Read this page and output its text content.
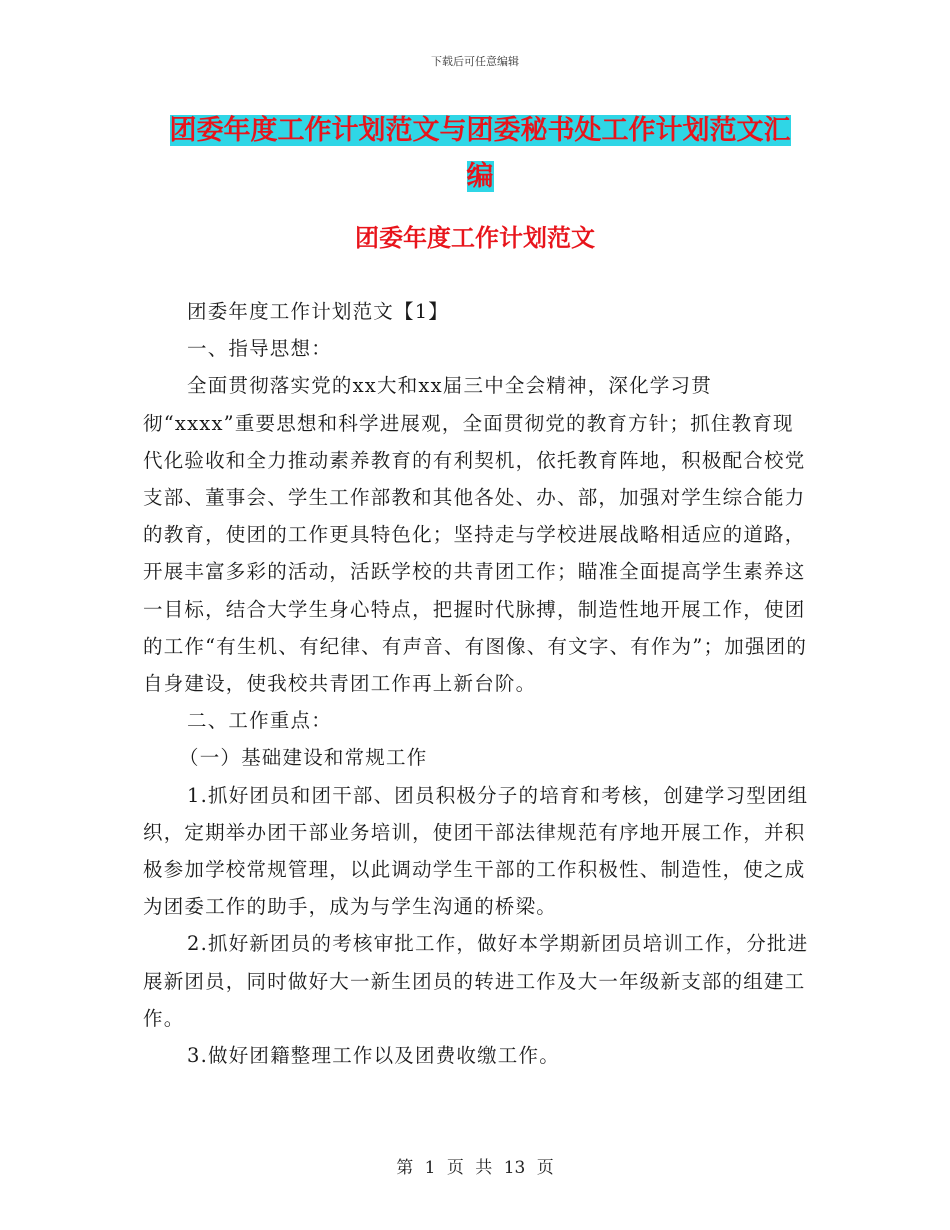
下载后可任意编辑
团委年度工作计划范文与团委秘书处工作计划范文汇
编
团委年度工作计划范文

团委年度工作计划范文【1】

一、指导思想：

全面贯彻落实党的xx大和xx届三中全会精神，深化学习贯彻“xxxx”重要思想和科学进展观，全面贯彻党的教育方针；抓住教育现代化验收和全力推动素养教育的有利契机，依托教育阵地，积极配合校党支部、董事会、学生工作部教和其他各处、办、部，加强对学生综合能力的教育，使团的工作更具特色化；坚持走与学校进展战略相适应的道路，开展丰富多彩的活动，活跃学校的共青团工作；瞄准全面提高学生素养这一目标，结合大学生身心特点，把握时代脉搏，制造性地开展工作，使团的工作“有生机、有纪律、有声音、有图像、有文字、有作为”；加强团的自身建设，使我校共青团工作再上新台阶。

二、工作重点：

（一）基础建设和常规工作

1.抓好团员和团干部、团员积极分子的培育和考核，创建学习型团组织，定期举办团干部业务培训，使团干部法律规范有序地开展工作，并积极参加学校常规管理，以此调动学生干部的工作积极性、制造性，使之成为团委工作的助手，成为与学生沟通的桥梁。

2.抓好新团员的考核审批工作，做好本学期新团员培训工作，分批进展新团员，同时做好大一新生团员的转进工作及大一年级新支部的组建工作。

3.做好团籍整理工作以及团费收缴工作。

第 1 页 共 13 页
